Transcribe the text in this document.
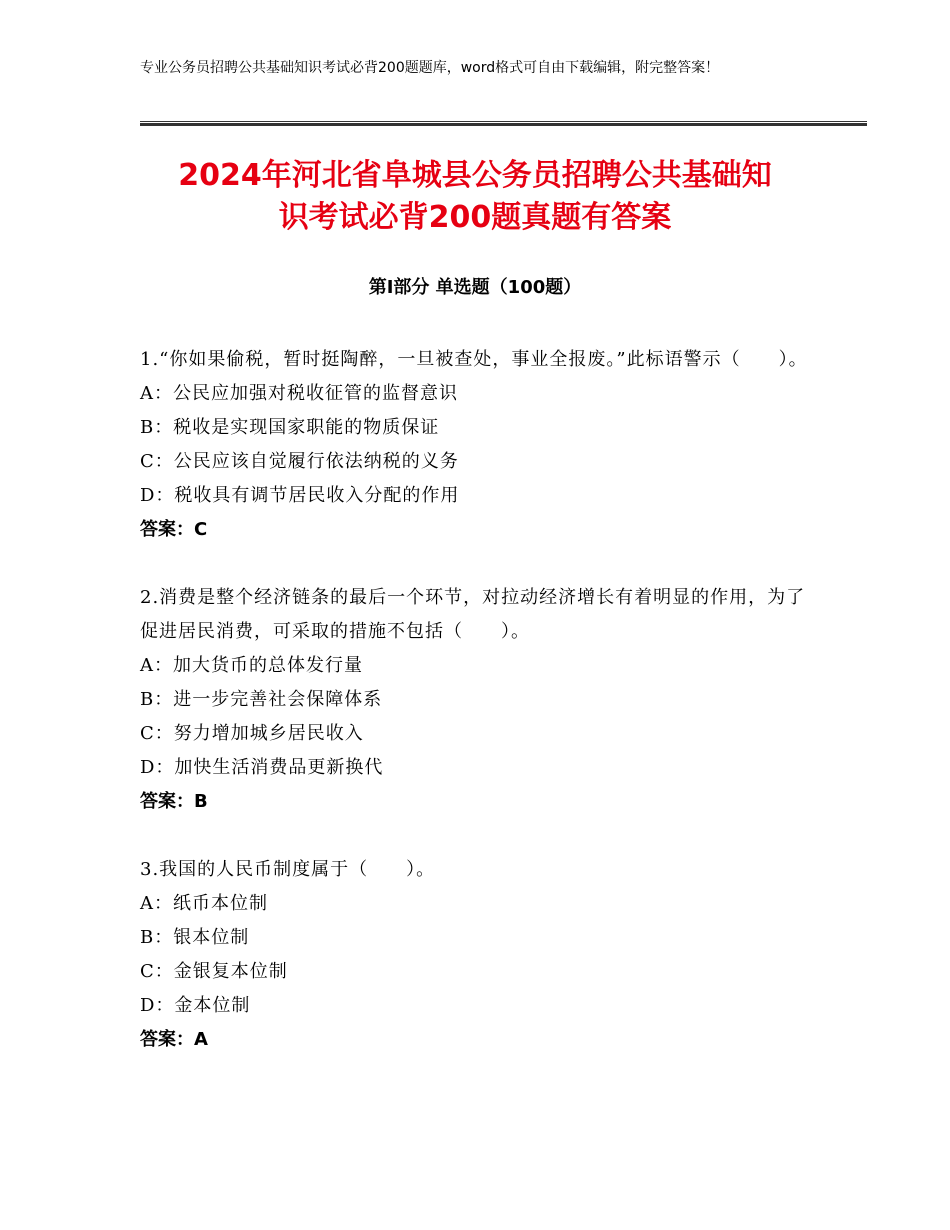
专业公务员招聘公共基础知识考试必背200题题库，word格式可自由下载编辑，附完整答案！
2024年河北省阜城县公务员招聘公共基础知
识考试必背200题真题有答案
第Ⅰ部分 单选题（100题）
1.“你如果偷税，暂时挺陶醉，一旦被查处，事业全报废。”此标语警示（　　）。
A：公民应加强对税收征管的监督意识
B：税收是实现国家职能的物质保证
C：公民应该自觉履行依法纳税的义务
D：税收具有调节居民收入分配的作用
答案：C
2.消费是整个经济链条的最后一个环节，对拉动经济增长有着明显的作用，为了促进居民消费，可采取的措施不包括（　　）。
A：加大货币的总体发行量
B：进一步完善社会保障体系
C：努力增加城乡居民收入
D：加快生活消费品更新换代
答案：B
3.我国的人民币制度属于（　　）。
A：纸币本位制
B：银本位制
C：金银复本位制
D：金本位制
答案：A
